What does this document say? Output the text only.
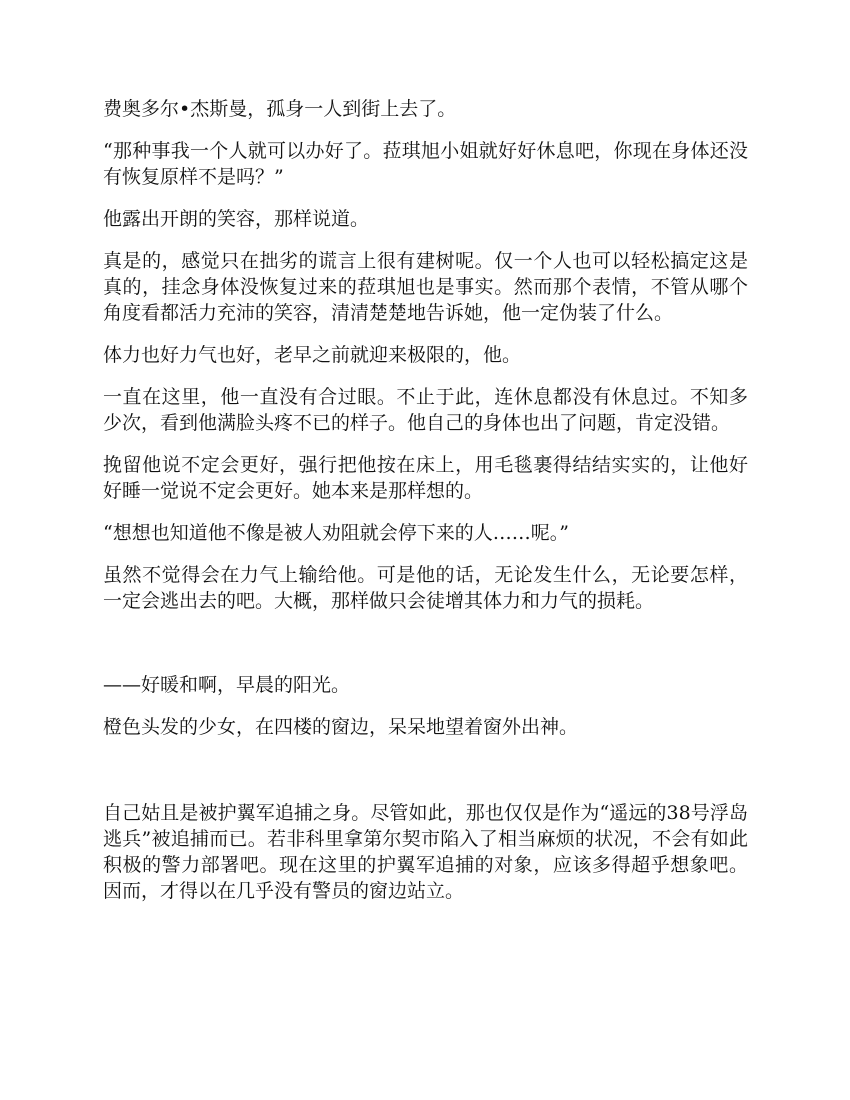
费奥多尔•杰斯曼，孤身一人到街上去了。

“那种事我一个人就可以办好了。菈琪旭小姐就好好休息吧，你现在身体还没有恢复原样不是吗？”

他露出开朗的笑容，那样说道。

真是的，感觉只在拙劣的谎言上很有建树呢。仅一个人也可以轻松搞定这是真的，挂念身体没恢复过来的菈琪旭也是事实。然而那个表情，不管从哪个角度看都活力充沛的笑容，清清楚楚地告诉她，他一定伪装了什么。

体力也好力气也好，老早之前就迎来极限的，他。

一直在这里，他一直没有合过眼。不止于此，连休息都没有休息过。不知多少次，看到他满脸头疼不已的样子。他自己的身体也出了问题，肯定没错。

挽留他说不定会更好，强行把他按在床上，用毛毯裹得结结实实的，让他好好睡一觉说不定会更好。她本来是那样想的。

“想想也知道他不像是被人劝阻就会停下来的人……呢。”

虽然不觉得会在力气上输给他。可是他的话，无论发生什么，无论要怎样，一定会逃出去的吧。大概，那样做只会徒增其体力和力气的损耗。

——好暖和啊，早晨的阳光。

橙色头发的少女，在四楼的窗边，呆呆地望着窗外出神。

自己姑且是被护翼军追捕之身。尽管如此，那也仅仅是作为“遥远的38号浮岛逃兵”被追捕而已。若非科里拿第尔契市陷入了相当麻烦的状况，不会有如此积极的警力部署吧。现在这里的护翼军追捕的对象，应该多得超乎想象吧。因而，才得以在几乎没有警员的窗边站立。
